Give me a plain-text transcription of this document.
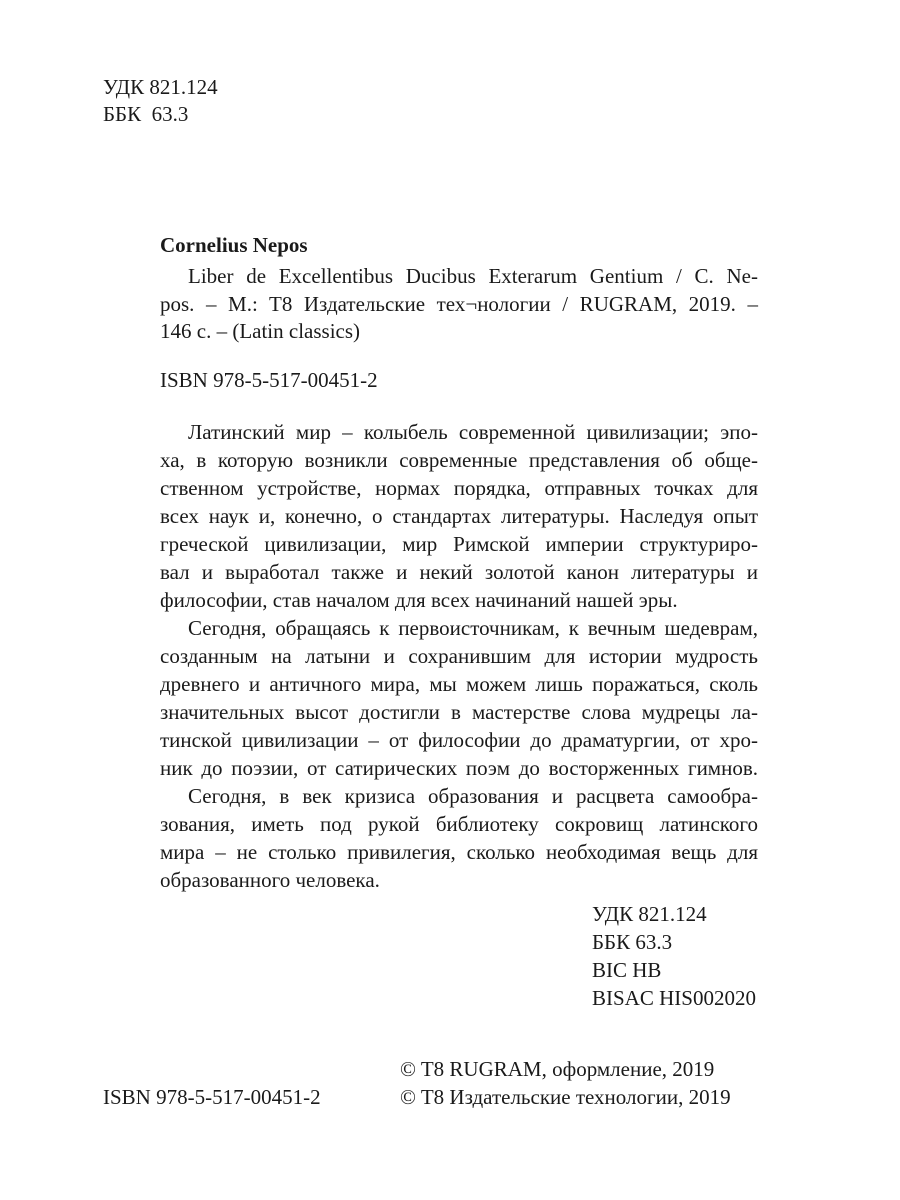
УДК 821.124
ББК  63.3
Cornelius Nepos
Liber de Excellentibus Ducibus Exterarum Gentium / C. Ne-
pos. – M.: T8 Издательские тех¬нологии / RUGRAM, 2019. –
146 с. – (Latin classics)
ISBN 978-5-517-00451-2
Латинский мир – колыбель современной цивилизации; эпо-
ха, в которую возникли современные представления об обще-
ственном устройстве, нормах порядка, отправных точках для
всех наук и, конечно, о стандартах литературы. Наследуя опыт
греческой цивилизации, мир Римской империи структуриро-
вал и выработал также и некий золотой канон литературы и
философии, став началом для всех начинаний нашей эры.
Сегодня, обращаясь к первоисточникам, к вечным шедеврам,
созданным на латыни и сохранившим для истории мудрость
древнего и античного мира, мы можем лишь поражаться, сколь
значительных высот достигли в мастерстве слова мудрецы ла-
тинской цивилизации – от философии до драматургии, от хро-
ник до поэзии, от сатирических поэм до восторженных гимнов.
Сегодня, в век кризиса образования и расцвета самообра-
зования, иметь под рукой библиотеку сокровищ латинского
мира – не столько привилегия, сколько необходимая вещь для
образованного человека.
УДК 821.124
ББК 63.3
BIC HB
BISAC HIS002020
ISBN 978-5-517-00451-2
© T8 RUGRAM, оформление, 2019
© T8 Издательские технологии, 2019
